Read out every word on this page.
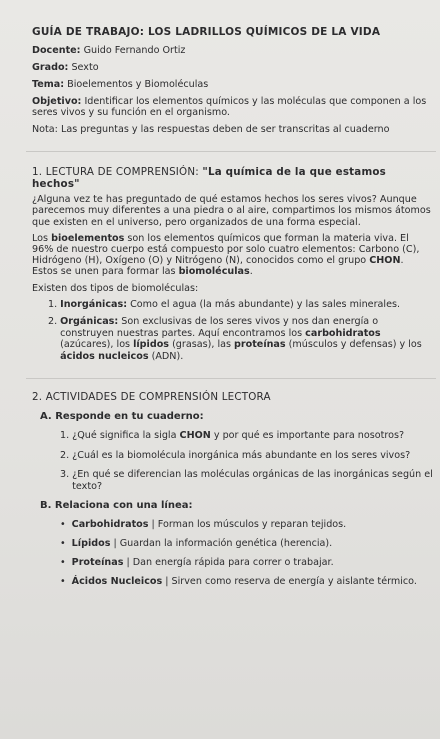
GUÍA DE TRABAJO: LOS LADRILLOS QUÍMICOS DE LA VIDA
Docente: Guido Fernando Ortiz
Grado: Sexto
Tema: Bioelementos y Biomoléculas
Objetivo: Identificar los elementos químicos y las moléculas que componen a los seres vivos y su función en el organismo.
Nota: Las preguntas y las respuestas deben de ser transcritas al cuaderno
1. LECTURA DE COMPRENSIÓN: "La química de la que estamos hechos"
¿Alguna vez te has preguntado de qué estamos hechos los seres vivos? Aunque parecemos muy diferentes a una piedra o al aire, compartimos los mismos átomos que existen en el universo, pero organizados de una forma especial.
Los bioelementos son los elementos químicos que forman la materia viva. El 96% de nuestro cuerpo está compuesto por solo cuatro elementos: Carbono (C), Hidrógeno (H), Oxígeno (O) y Nitrógeno (N), conocidos como el grupo CHON. Estos se unen para formar las biomoléculas.
Existen dos tipos de biomoléculas:
1. Inorgánicas: Como el agua (la más abundante) y las sales minerales.
2. Orgánicas: Son exclusivas de los seres vivos y nos dan energía o construyen nuestras partes. Aquí encontramos los carbohidratos (azúcares), los lípidos (grasas), las proteínas (músculos y defensas) y los ácidos nucleicos (ADN).
2. ACTIVIDADES DE COMPRENSIÓN LECTORA
A. Responde en tu cuaderno:
1. ¿Qué significa la sigla CHON y por qué es importante para nosotros?
2. ¿Cuál es la biomolécula inorgánica más abundante en los seres vivos?
3. ¿En qué se diferencian las moléculas orgánicas de las inorgánicas según el texto?
B. Relaciona con una línea:
• Carbohidratos | Forman los músculos y reparan tejidos.
• Lípidos | Guardan la información genética (herencia).
• Proteínas | Dan energía rápida para correr o trabajar.
• Ácidos Nucleicos | Sirven como reserva de energía y aislante térmico.
